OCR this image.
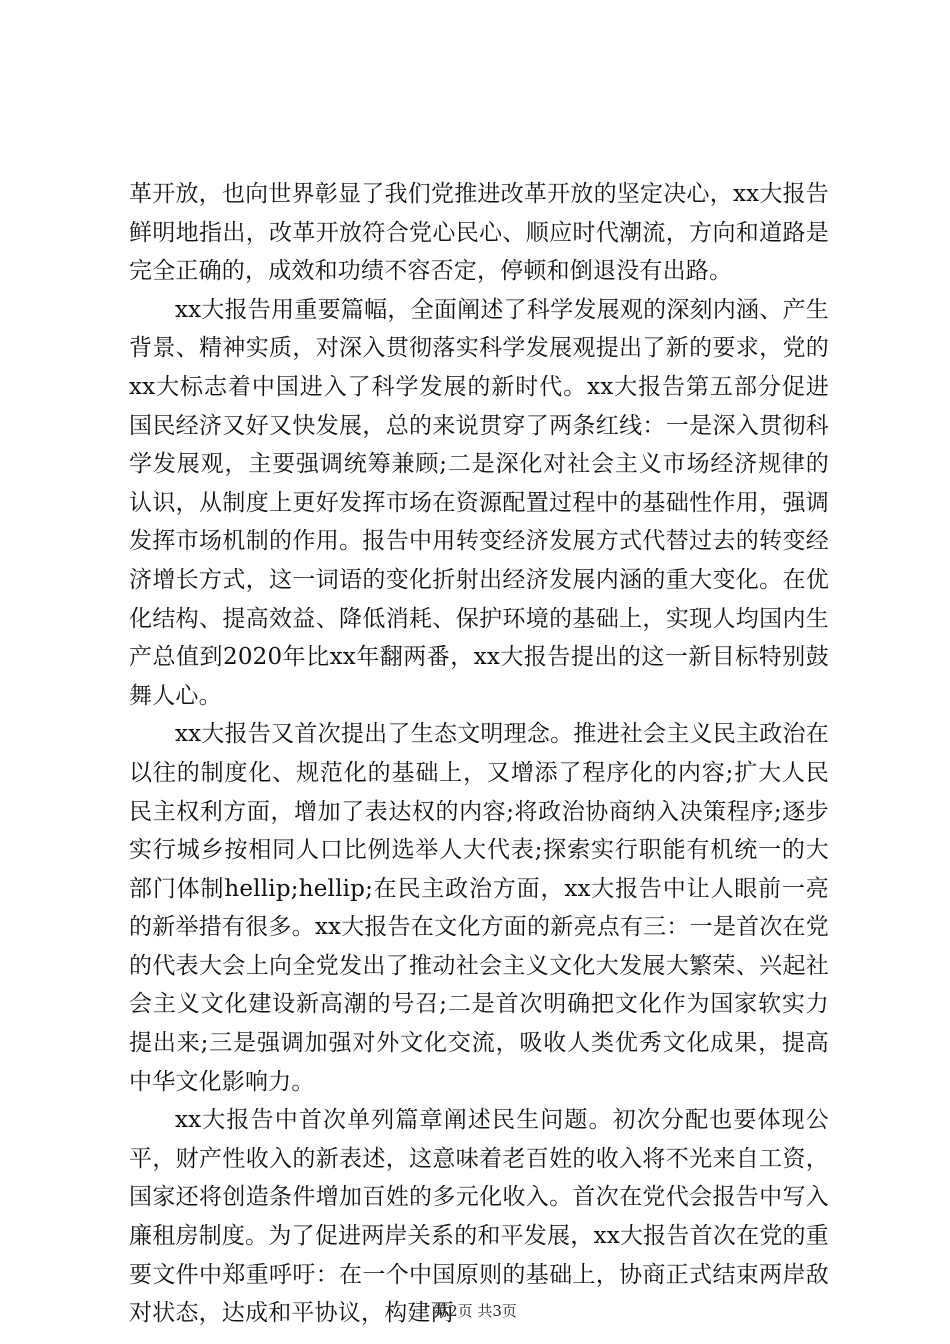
革开放，也向世界彰显了我们党推进改革开放的坚定决心，xx大报告鲜明地指出，改革开放符合党心民心、顺应时代潮流，方向和道路是完全正确的，成效和功绩不容否定，停顿和倒退没有出路。

xx大报告用重要篇幅，全面阐述了科学发展观的深刻内涵、产生背景、精神实质，对深入贯彻落实科学发展观提出了新的要求，党的xx大标志着中国进入了科学发展的新时代。xx大报告第五部分促进国民经济又好又快发展，总的来说贯穿了两条红线：一是深入贯彻科学发展观，主要强调统筹兼顾;二是深化对社会主义市场经济规律的认识，从制度上更好发挥市场在资源配置过程中的基础性作用，强调发挥市场机制的作用。报告中用转变经济发展方式代替过去的转变经济增长方式，这一词语的变化折射出经济发展内涵的重大变化。在优化结构、提高效益、降低消耗、保护环境的基础上，实现人均国内生产总值到2020年比xx年翻两番，xx大报告提出的这一新目标特别鼓舞人心。

xx大报告又首次提出了生态文明理念。推进社会主义民主政治在以往的制度化、规范化的基础上，又增添了程序化的内容;扩大人民民主权利方面，增加了表达权的内容;将政治协商纳入决策程序;逐步实行城乡按相同人口比例选举人大代表;探索实行职能有机统一的大部门体制hellip;hellip;在民主政治方面，xx大报告中让人眼前一亮的新举措有很多。xx大报告在文化方面的新亮点有三：一是首次在党的代表大会上向全党发出了推动社会主义文化大发展大繁荣、兴起社会主义文化建设新高潮的号召;二是首次明确把文化作为国家软实力提出来;三是强调加强对外文化交流，吸收人类优秀文化成果，提高中华文化影响力。

xx大报告中首次单列篇章阐述民生问题。初次分配也要体现公平，财产性收入的新表述，这意味着老百姓的收入将不光来自工资，国家还将创造条件增加百姓的多元化收入。首次在党代会报告中写入廉租房制度。为了促进两岸关系的和平发展，xx大报告首次在党的重要文件中郑重呼吁：在一个中国原则的基础上，协商正式结束两岸敌对状态，达成和平协议，构建两

第2页 共3页
